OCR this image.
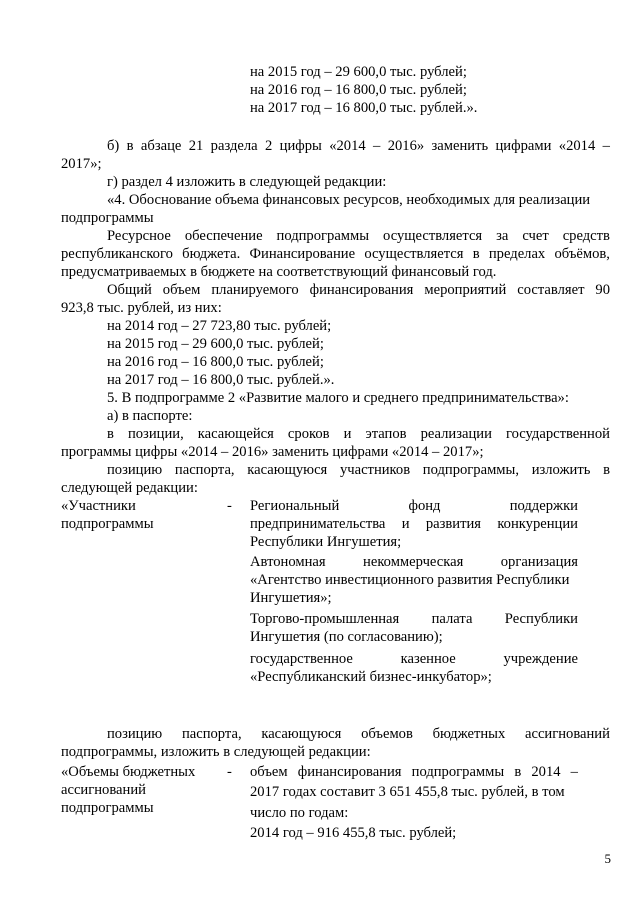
на 2015 год – 29 600,0 тыс. рублей;
на 2016 год – 16 800,0 тыс. рублей;
на 2017 год – 16 800,0 тыс. рублей.».
б) в абзаце 21 раздела 2 цифры «2014 – 2016» заменить цифрами «2014 –
2017»;
г) раздел 4 изложить в следующей редакции:
«4. Обоснование объема финансовых ресурсов, необходимых для реализации
подпрограммы
Ресурсное обеспечение подпрограммы осуществляется за счет средств
республиканского бюджета. Финансирование осуществляется в пределах объёмов,
предусматриваемых в бюджете на соответствующий финансовый год.
Общий объем планируемого финансирования мероприятий составляет 90
923,8 тыс. рублей, из них:
на 2014 год – 27 723,80 тыс. рублей;
на 2015 год – 29 600,0 тыс. рублей;
на 2016 год – 16 800,0 тыс. рублей;
на 2017 год – 16 800,0 тыс. рублей.».
5. В подпрограмме 2 «Развитие малого и среднего предпринимательства»:
а) в паспорте:
в позиции, касающейся сроков и этапов реализации государственной
программы цифры «2014 – 2016» заменить цифрами «2014 – 2017»;
позицию паспорта, касающуюся участников подпрограммы, изложить в
следующей редакции:
«Участники
подпрограммы
- Региональный	фонд	поддержки
предпринимательства и развития конкуренции
Республики Ингушетия;
Автономная	некоммерческая	организация
«Агентство инвестиционного развития Республики
Ингушетия»;
Торгово-промышленная палата Республики
Ингушетия (по согласованию);
государственное	казенное	учреждение
«Республиканский бизнес-инкубатор»;
позицию паспорта, касающуюся объемов бюджетных ассигнований
подпрограммы, изложить в следующей редакции:
«Объемы бюджетных
ассигнований
подпрограммы
- объем финансирования подпрограммы в 2014 –
2017 годах составит 3 651 455,8 тыс. рублей, в том
число по годам:
2014 год – 916 455,8 тыс. рублей;
5
